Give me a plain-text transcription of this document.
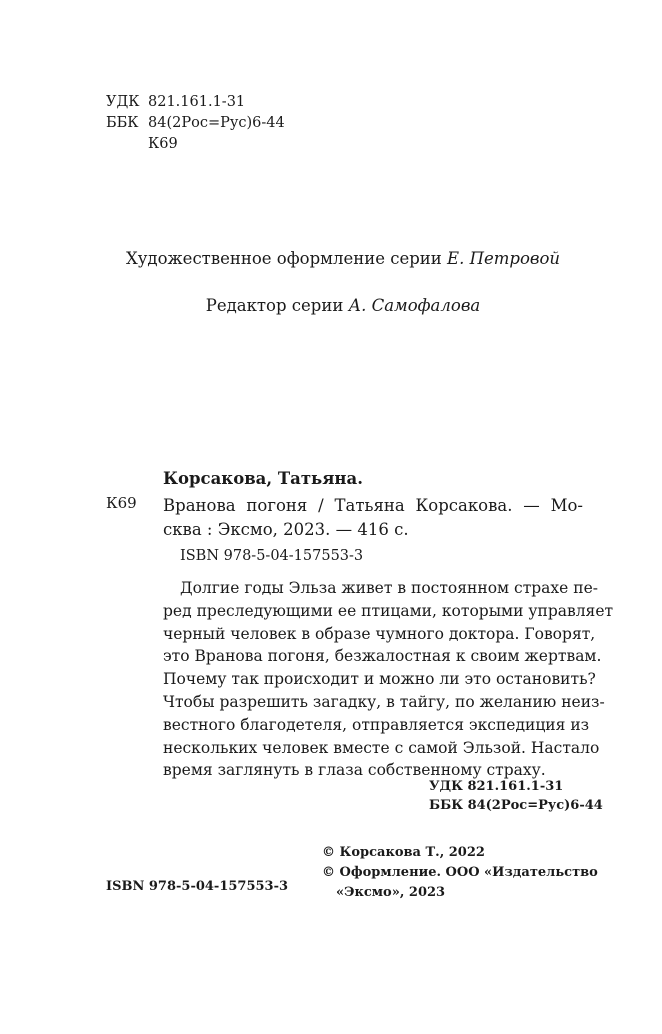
УДК 821.161.1-31
ББК 84(2Рос=Рус)6-44
К69
Художественное оформление серии Е. Петровой
Редактор серии А. Самофалова
Корсакова, Татьяна.
К69 Вранова погоня / Татьяна Корсакова. — Мо-
сква : Эксмо, 2023. — 416 с.
ISBN 978-5-04-157553-3
Долгие годы Эльза живет в постоянном страхе пе-
ред преследующими ее птицами, которыми управляет
черный человек в образе чумного доктора. Говорят,
это Вранова погоня, безжалостная к своим жертвам.
Почему так происходит и можно ли это остановить?
Чтобы разрешить загадку, в тайгу, по желанию неиз-
вестного благодетеля, отправляется экспедиция из
нескольких человек вместе с самой Эльзой. Настало
время заглянуть в глаза собственному страху.
УДК 821.161.1-31
ББК 84(2Рос=Рус)6-44
© Корсакова Т., 2022
© Оформление. ООО «Издательство
«Эксмо», 2023
ISBN 978-5-04-157553-3
